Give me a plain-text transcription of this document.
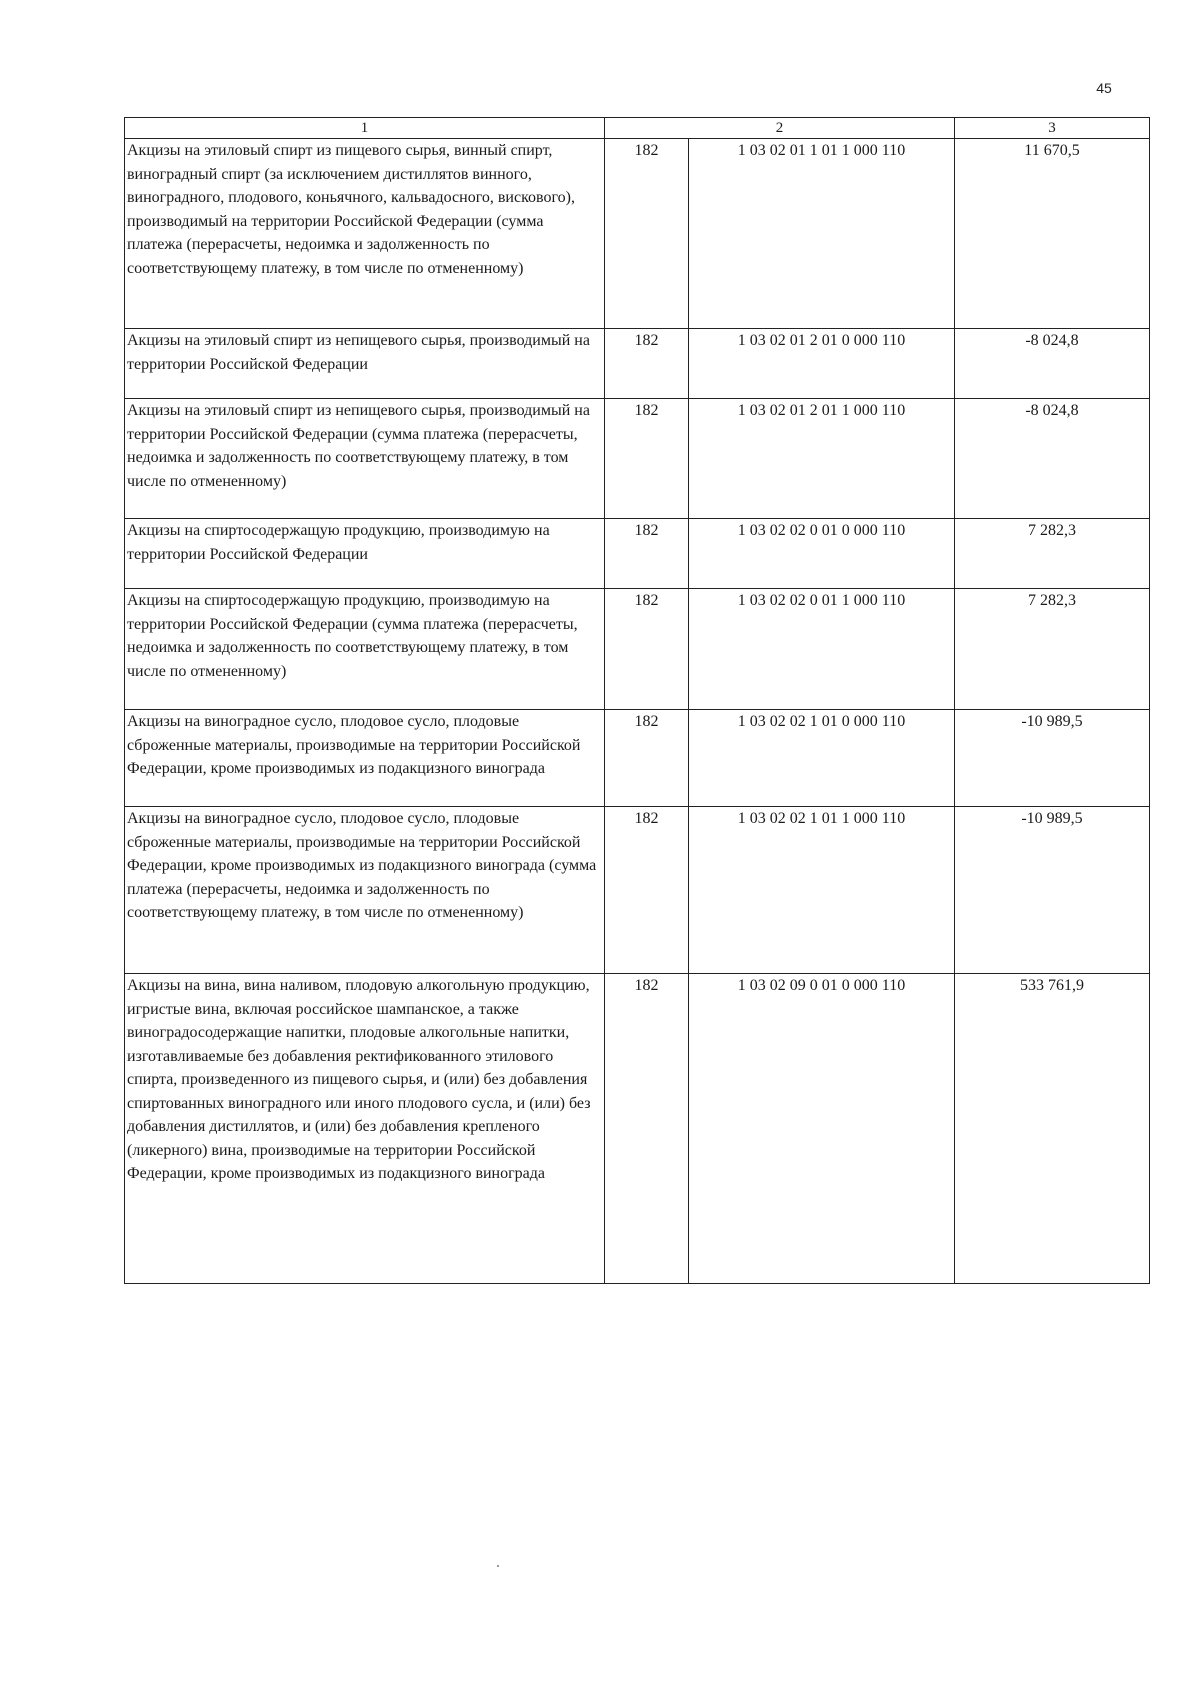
45
1	2		3
Акцизы на этиловый спирт из пищевого сырья, винный спирт, виноградный спирт (за исключением дистиллятов винного, виноградного, плодового, коньячного, кальвадосного, вискового), производимый на территории Российской Федерации (сумма платежа (перерасчеты, недоимка и задолженность по соответствующему платежу, в том числе по отмененному)	182	1 03 02 01 1 01 1 000 110	11 670,5
Акцизы на этиловый спирт из непищевого сырья, производимый на территории Российской Федерации	182	1 03 02 01 2 01 0 000 110	-8 024,8
Акцизы на этиловый спирт из непищевого сырья, производимый на территории Российской Федерации (сумма платежа (перерасчеты, недоимка и задолженность по соответствующему платежу, в том числе по отмененному)	182	1 03 02 01 2 01 1 000 110	-8 024,8
Акцизы на спиртосодержащую продукцию, производимую на территории Российской Федерации	182	1 03 02 02 0 01 0 000 110	7 282,3
Акцизы на спиртосодержащую продукцию, производимую на территории Российской Федерации (сумма платежа (перерасчеты, недоимка и задолженность по соответствующему платежу, в том числе по отмененному)	182	1 03 02 02 0 01 1 000 110	7 282,3
Акцизы на виноградное сусло, плодовое сусло, плодовые сброженные материалы, производимые на территории Российской Федерации, кроме производимых из подакцизного винограда	182	1 03 02 02 1 01 0 000 110	-10 989,5
Акцизы на виноградное сусло, плодовое сусло, плодовые сброженные материалы, производимые на территории Российской Федерации, кроме производимых из подакцизного винограда (сумма платежа (перерасчеты, недоимка и задолженность по соответствующему платежу, в том числе по отмененному)	182	1 03 02 02 1 01 1 000 110	-10 989,5
Акцизы на вина, вина наливом, плодовую алкогольную продукцию, игристые вина, включая российское шампанское, а также виноградосодержащие напитки, плодовые алкогольные напитки, изготавливаемые без добавления ректификованного этилового спирта, произведенного из пищевого сырья, и (или) без добавления спиртованных виноградного или иного плодового сусла, и (или) без добавления дистиллятов, и (или) без добавления крепленого (ликерного) вина, производимые на территории Российской Федерации, кроме производимых из подакцизного винограда	182	1 03 02 09 0 01 0 000 110	533 761,9
